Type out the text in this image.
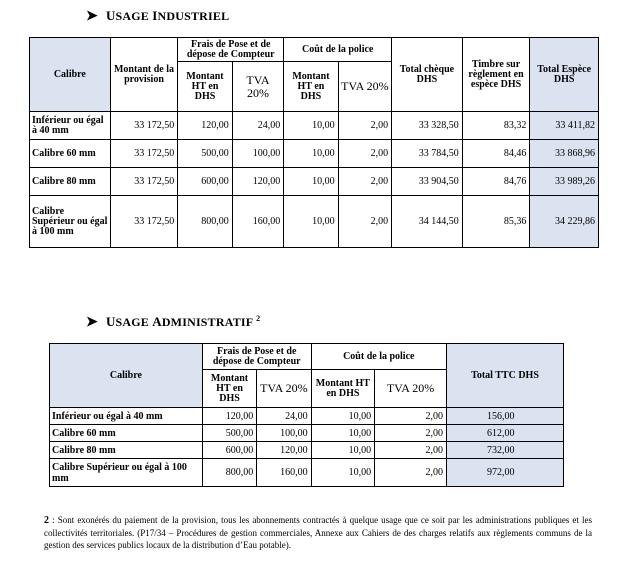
➤ USAGE INDUSTRIEL
Calibre	Montant de la provision	Frais de Pose et de dépose de Compteur		Coût de la police		Total chèque DHS	Timbre sur règlement en espèce DHS	Total Espèce DHS
		Montant HT en DHS	TVA 20%	Montant HT en DHS	TVA 20%			
Inférieur ou égal à 40 mm	33 172,50	120,00	24,00	10,00	2,00	33 328,50	83,32	33 411,82
Calibre 60 mm	33 172,50	500,00	100,00	10,00	2,00	33 784,50	84,46	33 868,96
Calibre 80 mm	33 172,50	600,00	120,00	10,00	2,00	33 904,50	84,76	33 989,26
Calibre Supérieur ou égal à 100 mm	33 172,50	800,00	160,00	10,00	2,00	34 144,50	85,36	34 229,86
➤ USAGE ADMINISTRATIF $^2$
Calibre	Frais de Pose et de dépose de Compteur		Coût de la police		Total TTC DHS
	Montant HT en DHS	TVA 20%	Montant HT en DHS	TVA 20%	
Inférieur ou égal à 40 mm	120,00	24,00	10,00	2,00	156,00
Calibre 60 mm	500,00	100,00	10,00	2,00	612,00
Calibre 80 mm	600,00	120,00	10,00	2,00	732,00
Calibre Supérieur ou égal à 100 mm	800,00	160,00	10,00	2,00	972,00
2 : Sont exonérés du paiement de la provision, tous les abonnements contractés à quelque usage que ce soit par les administrations publiques et les collectivités territoriales. (P17/34 – Procédures de gestion commerciales, Annexe aux Cahiers de des charges relatifs aux règlements communs de la gestion des services publics locaux de la distribution d’Eau potable).
